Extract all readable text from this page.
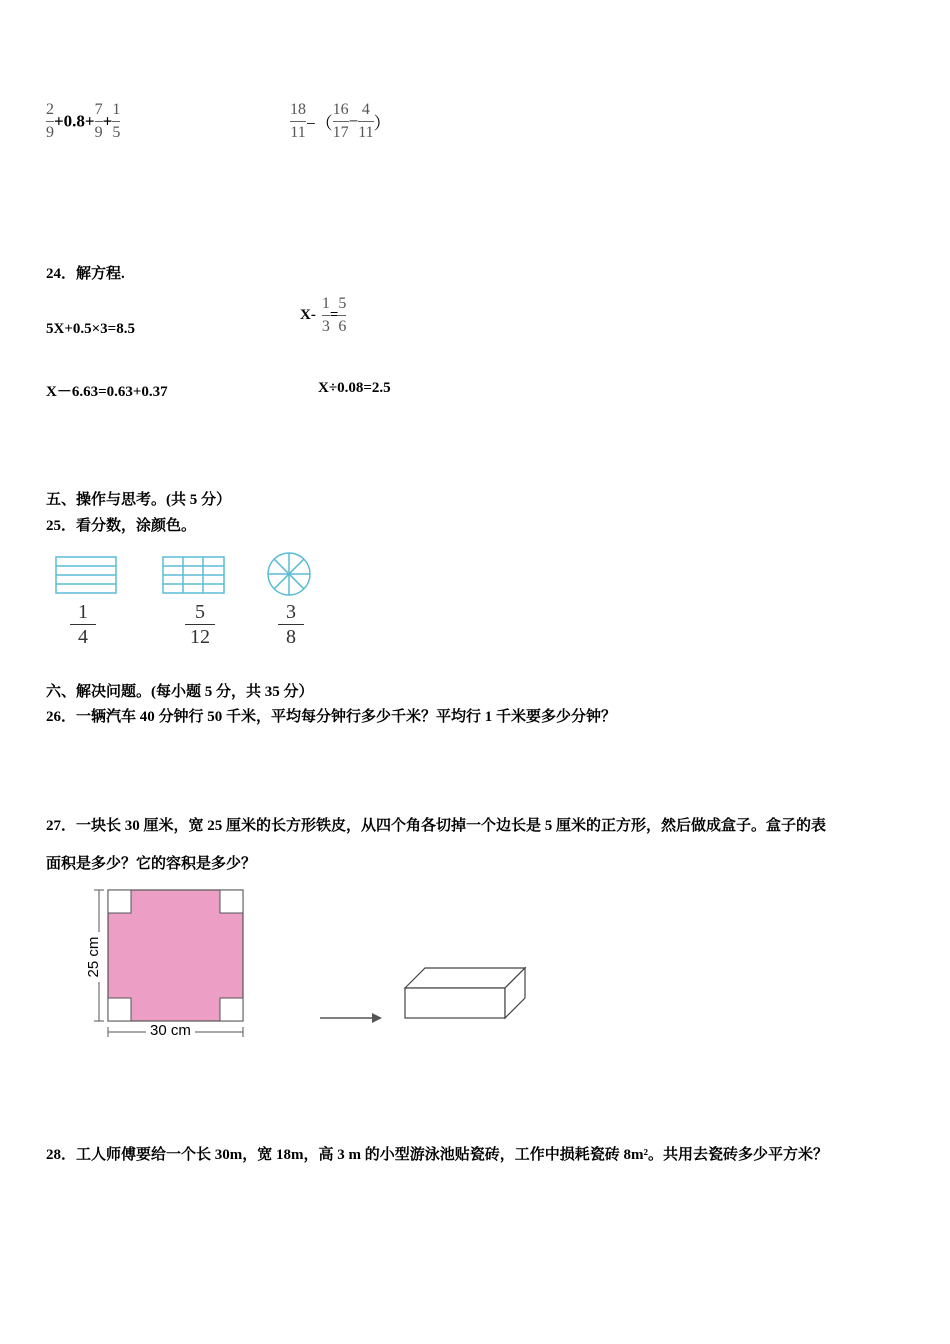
$\frac{2}{9} +0.8+ \frac{7}{9} + \frac{1}{5}$	$\frac{18}{11}$ −（ $\frac{16}{17} - \frac{4}{11}$ ）
24．解方程.
5X+0.5×3=8.5
$X- \frac{1}{3} = \frac{5}{6}$
X－6.63=0.63+0.37	X÷0.08=2.5
五、操作与思考。(共 5 分）
25．看分数，涂颜色。
$\frac{1}{4}$	$\frac{5}{12}$	$\frac{3}{8}$
六、解决问题。(每小题 5 分，共 35 分）
26．一辆汽车 40 分钟行 50 千米，平均每分钟行多少千米？平均行 1 千米要多少分钟？
27．一块长 30 厘米，宽 25 厘米的长方形铁皮，从四个角各切掉一个边长是 5 厘米的正方形，然后做成盒子。盒子的表
面积是多少？它的容积是多少？
25 cm
30 cm
28．工人师傅要给一个长 30m，宽 18m，高 3 m 的小型游泳池贴瓷砖，工作中损耗瓷砖 8m²。共用去瓷砖多少平方米？
